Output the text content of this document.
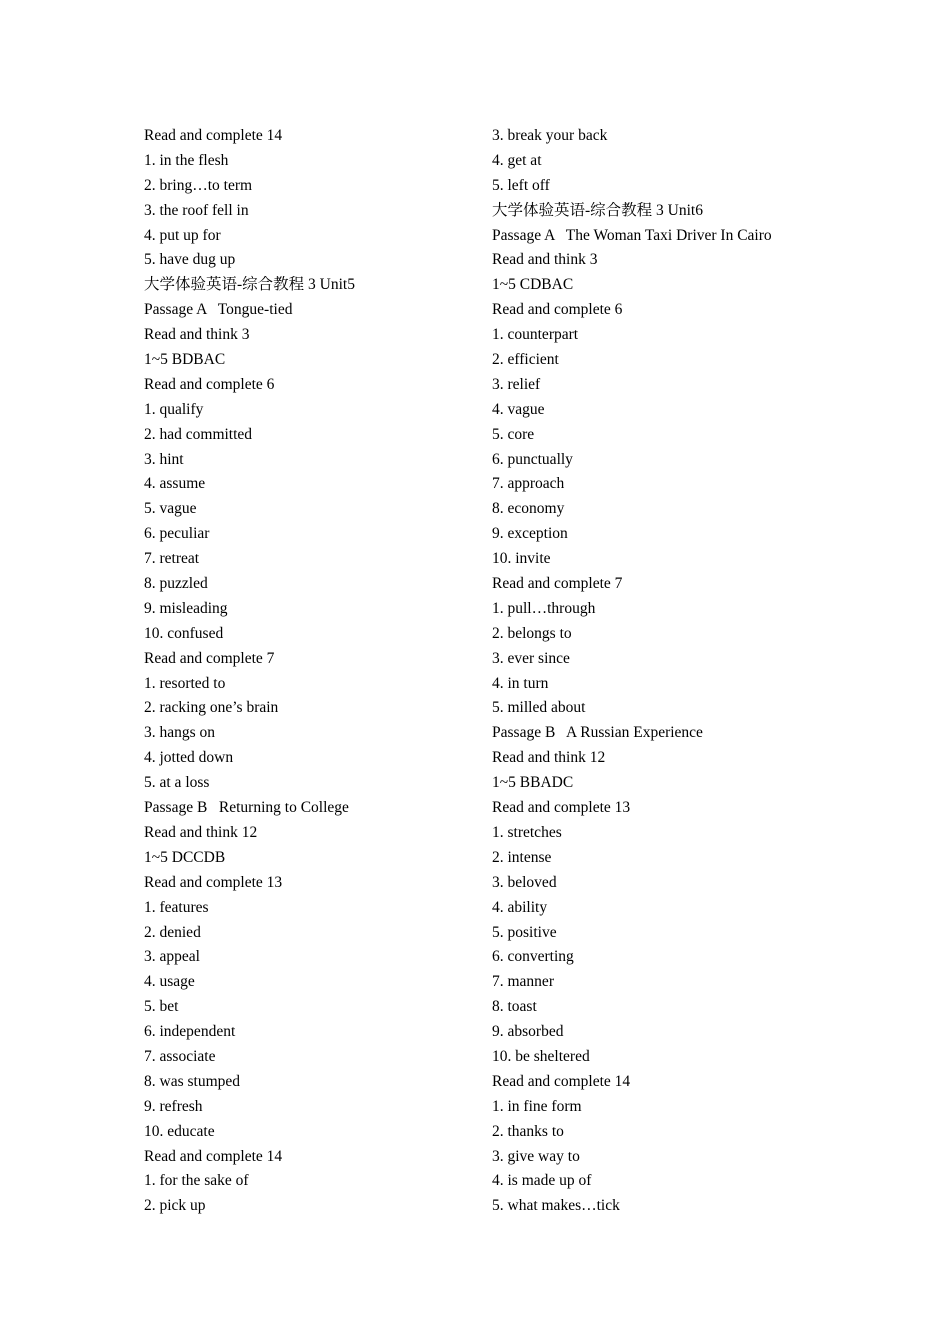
Read and complete 14
1. in the flesh
2. bring…to term
3. the roof fell in
4. put up for
5. have dug up
大学体验英语-综合教程 3 Unit5
Passage A   Tongue-tied
Read and think 3
1~5 BDBAC
Read and complete 6
1. qualify
2. had committed
3. hint
4. assume
5. vague
6. peculiar
7. retreat
8. puzzled
9. misleading
10. confused
Read and complete 7
1. resorted to
2. racking one’s brain
3. hangs on
4. jotted down
5. at a loss
Passage B   Returning to College
Read and think 12
1~5 DCCDB
Read and complete 13
1. features
2. denied
3. appeal
4. usage
5. bet
6. independent
7. associate
8. was stumped
9. refresh
10. educate
Read and complete 14
1. for the sake of
2. pick up
3. break your back
4. get at
5. left off
大学体验英语-综合教程 3 Unit6
Passage A   The Woman Taxi Driver In Cairo
Read and think 3
1~5 CDBAC
Read and complete 6
1. counterpart
2. efficient
3. relief
4. vague
5. core
6. punctually
7. approach
8. economy
9. exception
10. invite
Read and complete 7
1. pull…through
2. belongs to
3. ever since
4. in turn
5. milled about
Passage B   A Russian Experience
Read and think 12
1~5 BBADC
Read and complete 13
1. stretches
2. intense
3. beloved
4. ability
5. positive
6. converting
7. manner
8. toast
9. absorbed
10. be sheltered
Read and complete 14
1. in fine form
2. thanks to
3. give way to
4. is made up of
5. what makes…tick
